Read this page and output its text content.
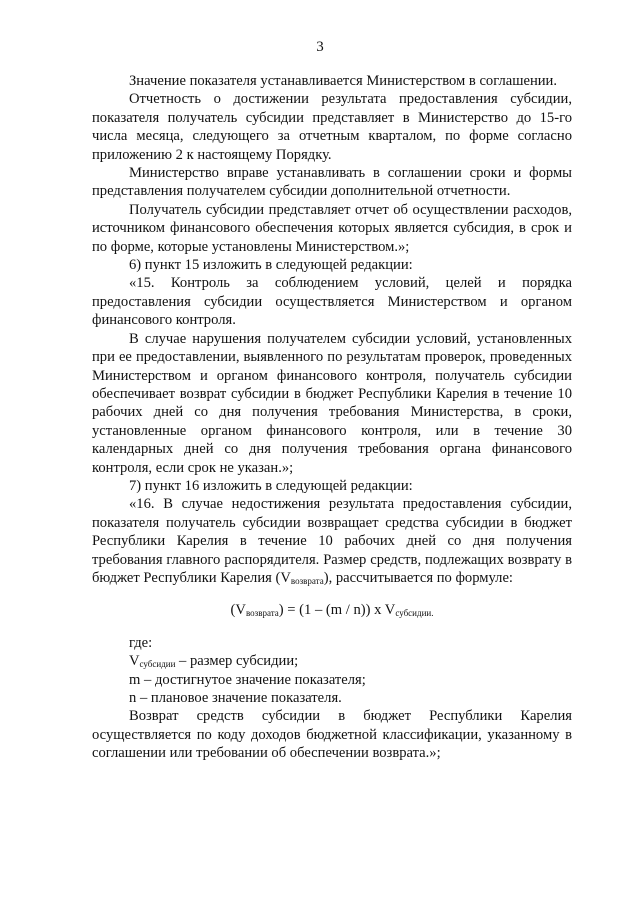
3

Значение показателя устанавливается Министерством в соглашении.

Отчетность о достижении результата предоставления субсидии, показателя получатель субсидии представляет в Министерство до 15-го числа месяца, следующего за отчетным кварталом, по форме согласно приложению 2 к настоящему Порядку.

Министерство вправе устанавливать в соглашении сроки и формы представления получателем субсидии дополнительной отчетности.

Получатель субсидии представляет отчет об осуществлении расходов, источником финансового обеспечения которых является субсидия, в срок и по форме, которые установлены Министерством.»;

6) пункт 15 изложить в следующей редакции:

«15. Контроль за соблюдением условий, целей и порядка предоставления субсидии осуществляется Министерством и органом финансового контроля.

В случае нарушения получателем субсидии условий, установленных при ее предоставлении, выявленного по результатам проверок, проведенных Министерством и органом финансового контроля, получатель субсидии обеспечивает возврат субсидии в бюджет Республики Карелия в течение 10 рабочих дней со дня получения требования Министерства, в сроки, установленные органом финансового контроля, или в течение 30 календарных дней со дня получения требования органа финансового контроля, если срок не указан.»;

7) пункт 16 изложить в следующей редакции:

«16. В случае недостижения результата предоставления субсидии, показателя получатель субсидии возвращает средства субсидии в бюджет Республики Карелия в течение 10 рабочих дней со дня получения требования главного распорядителя. Размер средств, подлежащих возврату в бюджет Республики Карелия $(V_{возврата})$, рассчитывается по формуле:

$(V_{возврата}) = (1 - (m / n))$ x $V_{субсидии.}$

где:

$V_{субсидии}$ – размер субсидии;

m – достигнутое значение показателя;

n – плановое значение показателя.

Возврат средств субсидии в бюджет Республики Карелия осуществляется по коду доходов бюджетной классификации, указанному в соглашении или требовании об обеспечении возврата.»;
